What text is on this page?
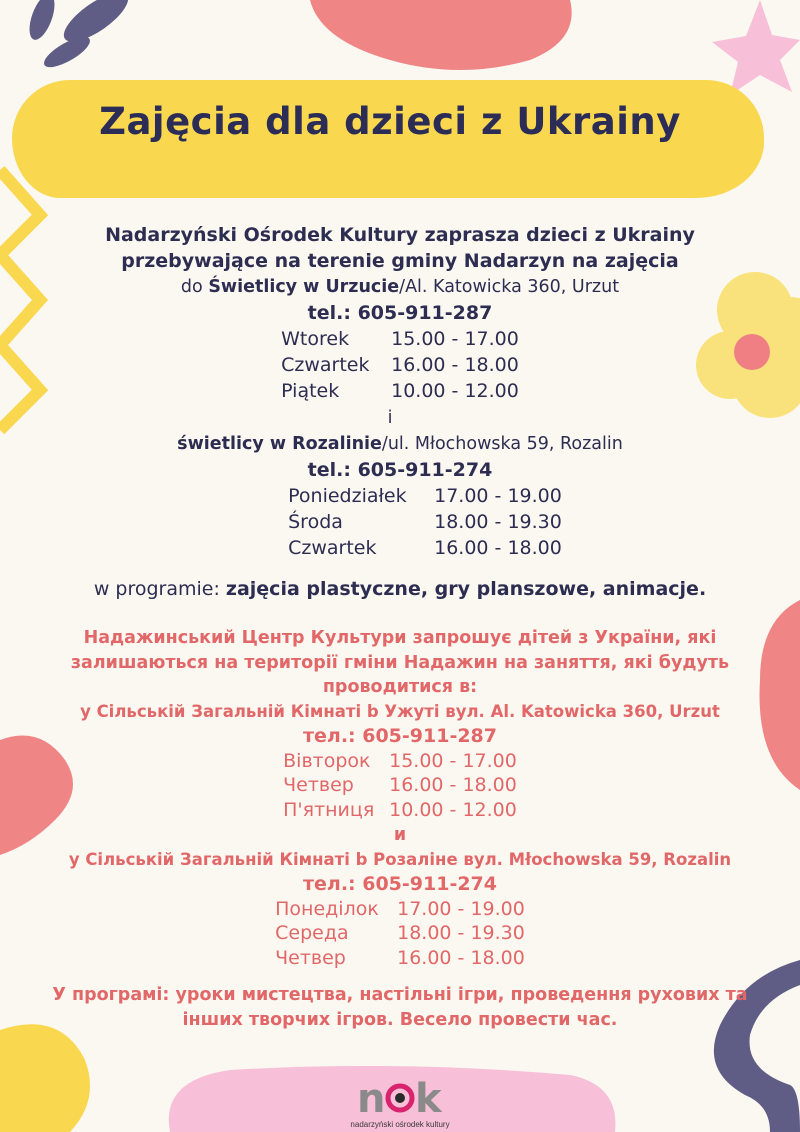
Zajęcia dla dzieci z Ukrainy
Nadarzyński Ośrodek Kultury zaprasza dzieci z Ukrainy
przebywające na terenie gminy Nadarzyn na zajęcia
do Świetlicy w Urzucie/Al. Katowicka 360, Urzut
tel.: 605-911-287
Wtorek	15.00 - 17.00
Czwartek	16.00 - 18.00
Piątek	10.00 - 12.00
i
świetlicy w Rozalinie/ul. Młochowska 59, Rozalin
tel.: 605-911-274
Poniedziałek	17.00 - 19.00
Środa	18.00 - 19.30
Czwartek	16.00 - 18.00
w programie: zajęcia plastyczne, gry planszowe, animacje.
Надажинський Центр Культури запрошує дітей з України, які
залишаються на території гміни Надажин на заняття, які будуть
проводитися в:
у Сільській Загальній Кімнаті b Ужуті вул. Al. Katowicka 360, Urzut
тел.: 605-911-287
Вівторок 15.00 - 17.00
Четвер	16.00 - 18.00
П'ятниця 10.00 - 12.00
и
у Сільській Загальній Кімнаті b Розаліне вул. Młochowska 59, Rozalin
тел.: 605-911-274
Понеділок 17.00 - 19.00
Середа	18.00 - 19.30
Четвер	16.00 - 18.00
У програмі: уроки мистецтва, настільні ігри, проведення рухових та
інших творчих ігров. Весело провести час.
n k
nadarzyński ośrodek kultury
